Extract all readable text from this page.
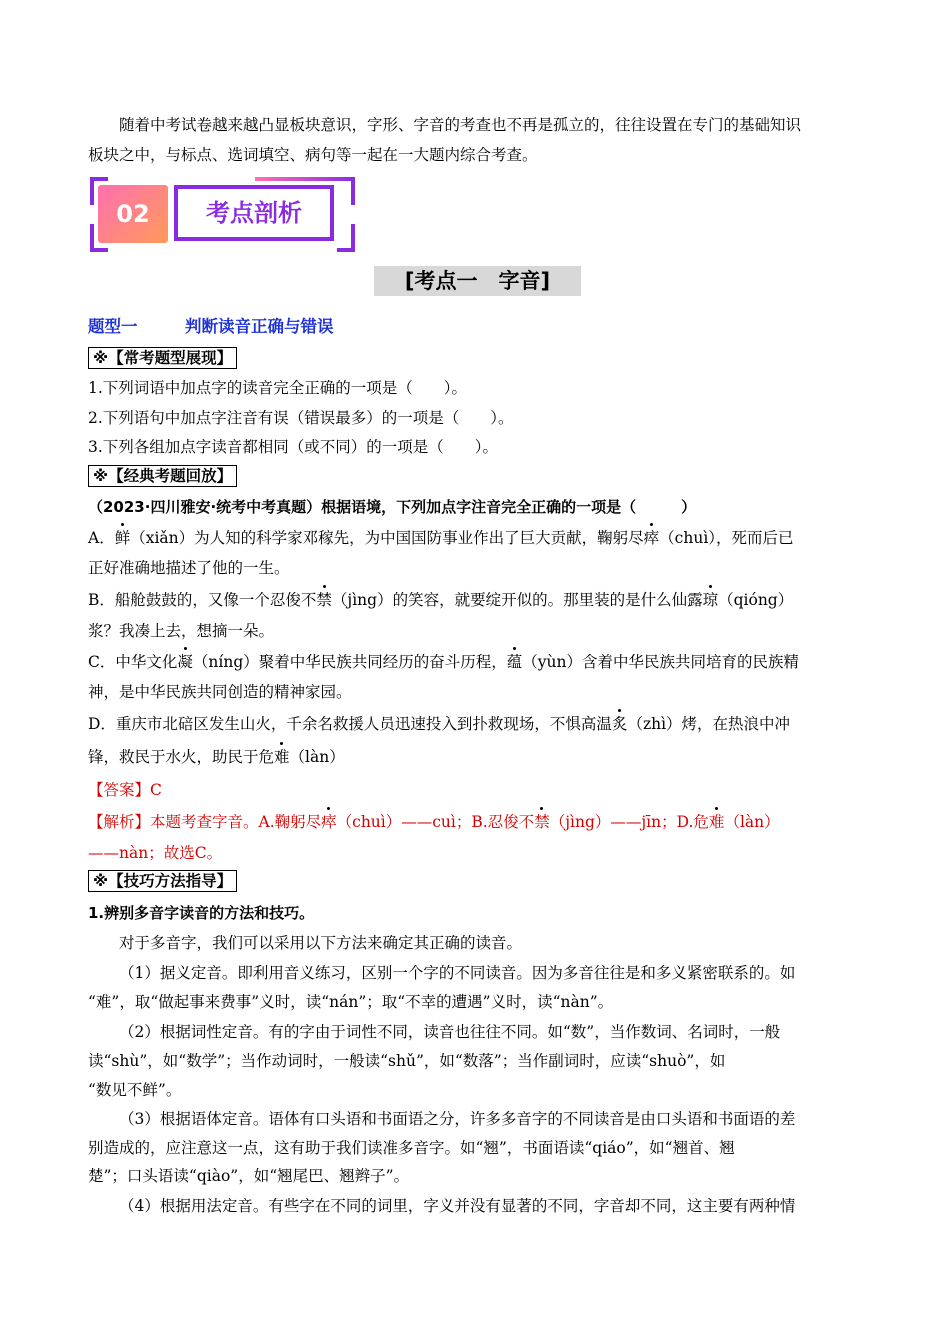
随着中考试卷越来越凸显板块意识，字形、字音的考查也不再是孤立的，往往设置在专门的基础知识
板块之中，与标点、选词填空、病句等一起在一大题内综合考查。
02	考点剖析
[考点一　字音]
题型一	判断读音正确与错误
※【常考题型展现】
1.下列词语中加点字的读音完全正确的一项是（　　）。
2.下列语句中加点字注音有误（错误最多）的一项是（　　）。
3.下列各组加点字读音都相同（或不同）的一项是（　　）。
※【经典考题回放】
（2023·四川雅安·统考中考真题）根据语境，下列加点字注音完全正确的一项是（　　　）
A．鲜（xiǎn）为人知的科学家邓稼先，为中国国防事业作出了巨大贡献，鞠躬尽瘁（chuì），死而后已
正好准确地描述了他的一生。
B．船舱鼓鼓的，又像一个忍俊不禁（jìng）的笑容，就要绽开似的。那里装的是什么仙露琼（qióng）
浆？我凑上去，想摘一朵。
C．中华文化凝（níng）聚着中华民族共同经历的奋斗历程，蕴（yùn）含着中华民族共同培育的民族精
神，是中华民族共同创造的精神家园。
D．重庆市北碚区发生山火，千余名救援人员迅速投入到扑救现场，不惧高温炙（zhì）烤，在热浪中冲
锋，救民于水火，助民于危难（làn）
【答案】C
【解析】本题考查字音。A.鞠躬尽瘁（chuì）——cuì；B.忍俊不禁（jìng）——jīn；D.危难（làn）
——nàn；故选C。
※【技巧方法指导】
1.辨别多音字读音的方法和技巧。
对于多音字，我们可以采用以下方法来确定其正确的读音。
（1）据义定音。即利用音义练习，区别一个字的不同读音。因为多音往往是和多义紧密联系的。如
“难”，取“做起事来费事”义时，读“nán”；取“不幸的遭遇”义时，读“nàn”。
（2）根据词性定音。有的字由于词性不同，读音也往往不同。如“数”，当作数词、名词时，一般
读“shù”，如“数学”；当作动词时，一般读“shǔ”，如“数落”；当作副词时，应读“shuò”，如
“数见不鲜”。
（3）根据语体定音。语体有口头语和书面语之分，许多多音字的不同读音是由口头语和书面语的差
别造成的，应注意这一点，这有助于我们读准多音字。如“翘”，书面语读“qiáo”，如“翘首、翘
楚”；口头语读“qiào”，如“翘尾巴、翘辫子”。
（4）根据用法定音。有些字在不同的词里，字义并没有显著的不同，字音却不同，这主要有两种情
